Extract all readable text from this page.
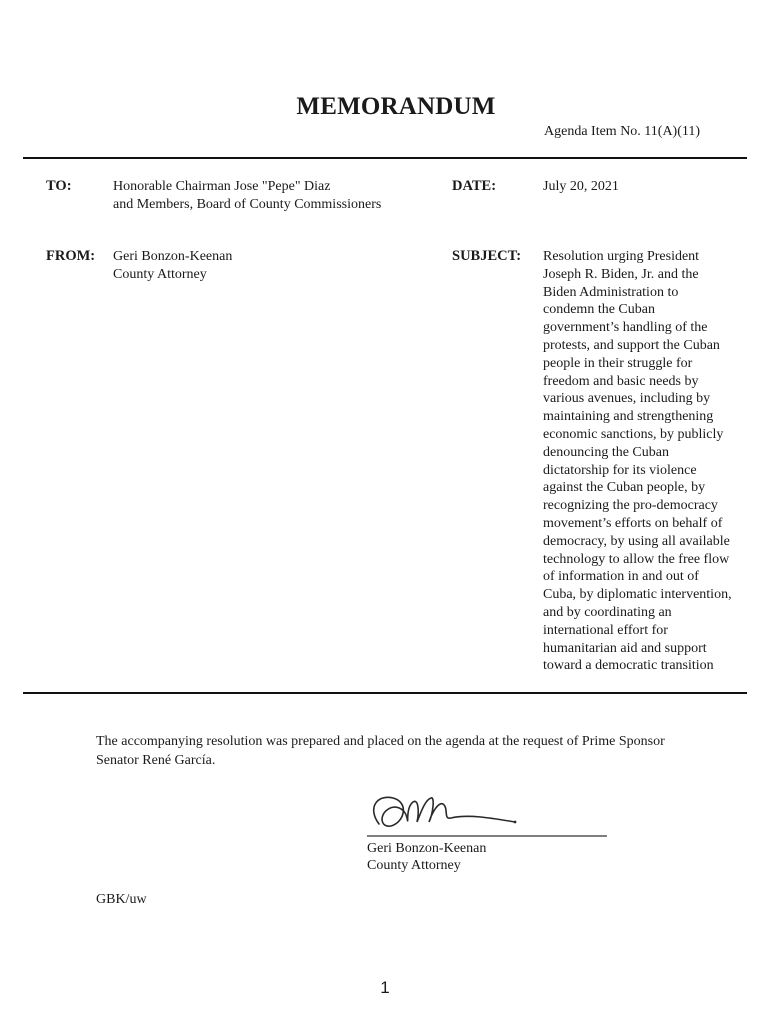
MEMORANDUM
Agenda Item No. 11(A)(11)
TO:	Honorable Chairman Jose "Pepe" Diaz
and Members, Board of County Commissioners
DATE:	July 20, 2021
FROM: Geri Bonzon-Keenan
County Attorney
SUBJECT: Resolution urging President
Joseph R. Biden, Jr. and the
Biden Administration to
condemn the Cuban
government’s handling of the
protests, and support the Cuban
people in their struggle for
freedom and basic needs by
various avenues, including by
maintaining and strengthening
economic sanctions, by publicly
denouncing the Cuban
dictatorship for its violence
against the Cuban people, by
recognizing the pro-democracy
movement’s efforts on behalf of
democracy, by using all available
technology to allow the free flow
of information in and out of
Cuba, by diplomatic intervention,
and by coordinating an
international effort for
humanitarian aid and support
toward a democratic transition
The accompanying resolution was prepared and placed on the agenda at the request of Prime Sponsor
Senator René García.
Geri Bonzon-Keenan
County Attorney
GBK/uw
1
